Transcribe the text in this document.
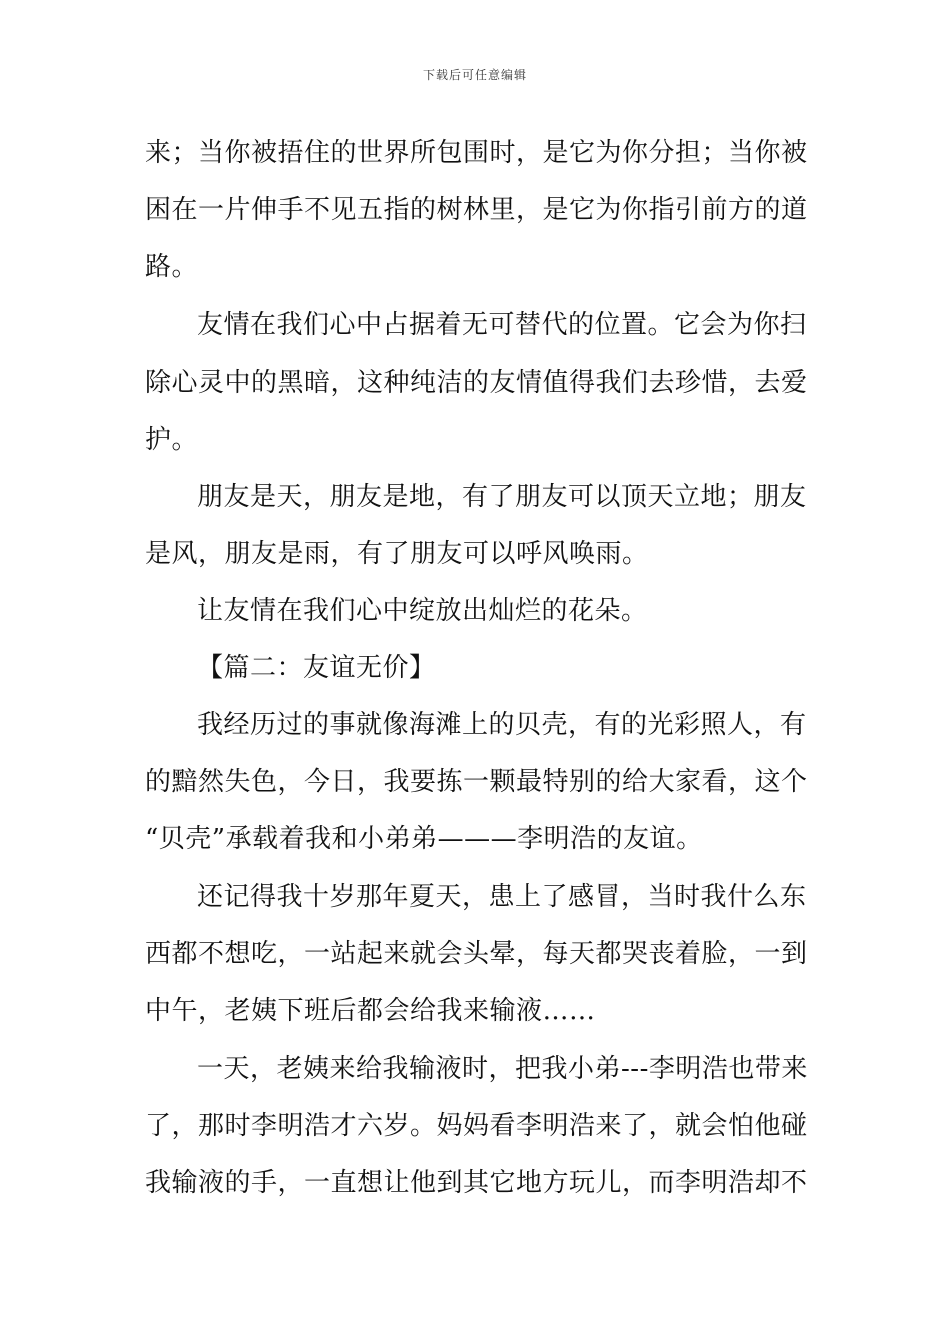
下载后可任意编辑
来；当你被捂住的世界所包围时，是它为你分担；当你被
困在一片伸手不见五指的树林里，是它为你指引前方的道
路。
友情在我们心中占据着无可替代的位置。它会为你扫
除心灵中的黑暗，这种纯洁的友情值得我们去珍惜，去爱
护。
朋友是天，朋友是地，有了朋友可以顶天立地；朋友
是风，朋友是雨，有了朋友可以呼风唤雨。
让友情在我们心中绽放出灿烂的花朵。
【篇二：友谊无价】
我经历过的事就像海滩上的贝壳，有的光彩照人，有
的黯然失色，今日，我要拣一颗最特别的给大家看，这个
“贝壳”承载着我和小弟弟———李明浩的友谊。
还记得我十岁那年夏天，患上了感冒，当时我什么东
西都不想吃，一站起来就会头晕，每天都哭丧着脸，一到
中午，老姨下班后都会给我来输液……
一天，老姨来给我输液时，把我小弟---李明浩也带来
了，那时李明浩才六岁。妈妈看李明浩来了，就会怕他碰
我输液的手，一直想让他到其它地方玩儿，而李明浩却不
